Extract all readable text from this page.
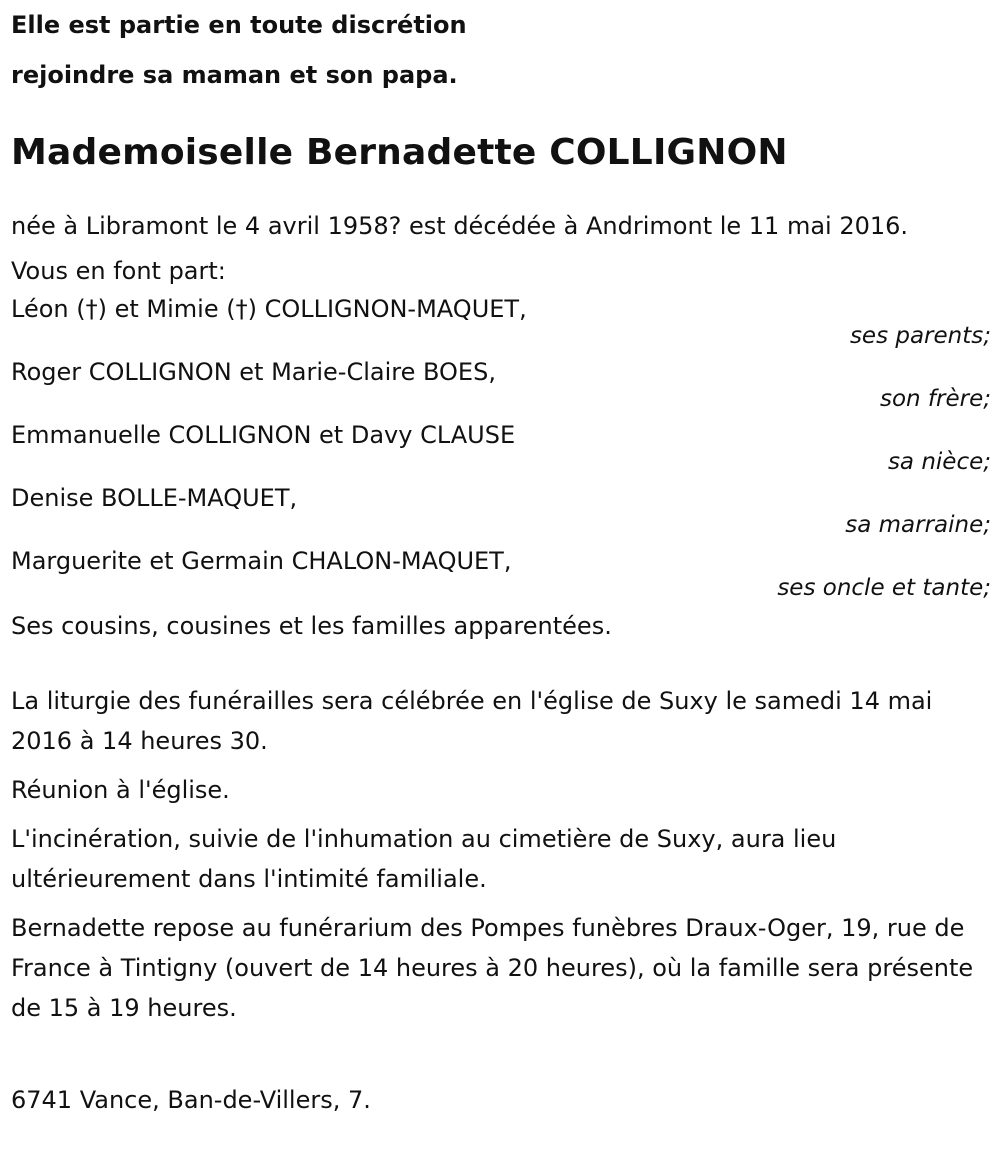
Elle est partie en toute discrétion
rejoindre sa maman et son papa.
Mademoiselle Bernadette COLLIGNON
née à Libramont le 4 avril 1958? est décédée à Andrimont le 11 mai 2016.
Vous en font part:
Léon (†) et Mimie (†) COLLIGNON-MAQUET,
ses parents;
Roger COLLIGNON et Marie-Claire BOES,
son frère;
Emmanuelle COLLIGNON et Davy CLAUSE
sa nièce;
Denise BOLLE-MAQUET,
sa marraine;
Marguerite et Germain CHALON-MAQUET,
ses oncle et tante;
Ses cousins, cousines et les familles apparentées.
La liturgie des funérailles sera célébrée en l'église de Suxy le samedi 14 mai 2016 à 14 heures 30.
Réunion à l'église.
L'incinération, suivie de l'inhumation au cimetière de Suxy, aura lieu ultérieurement dans l'intimité familiale.
Bernadette repose au funérarium des Pompes funèbres Draux-Oger, 19, rue de France à Tintigny (ouvert de 14 heures à 20 heures), où la famille sera présente de 15 à 19 heures.
6741 Vance, Ban-de-Villers, 7.
